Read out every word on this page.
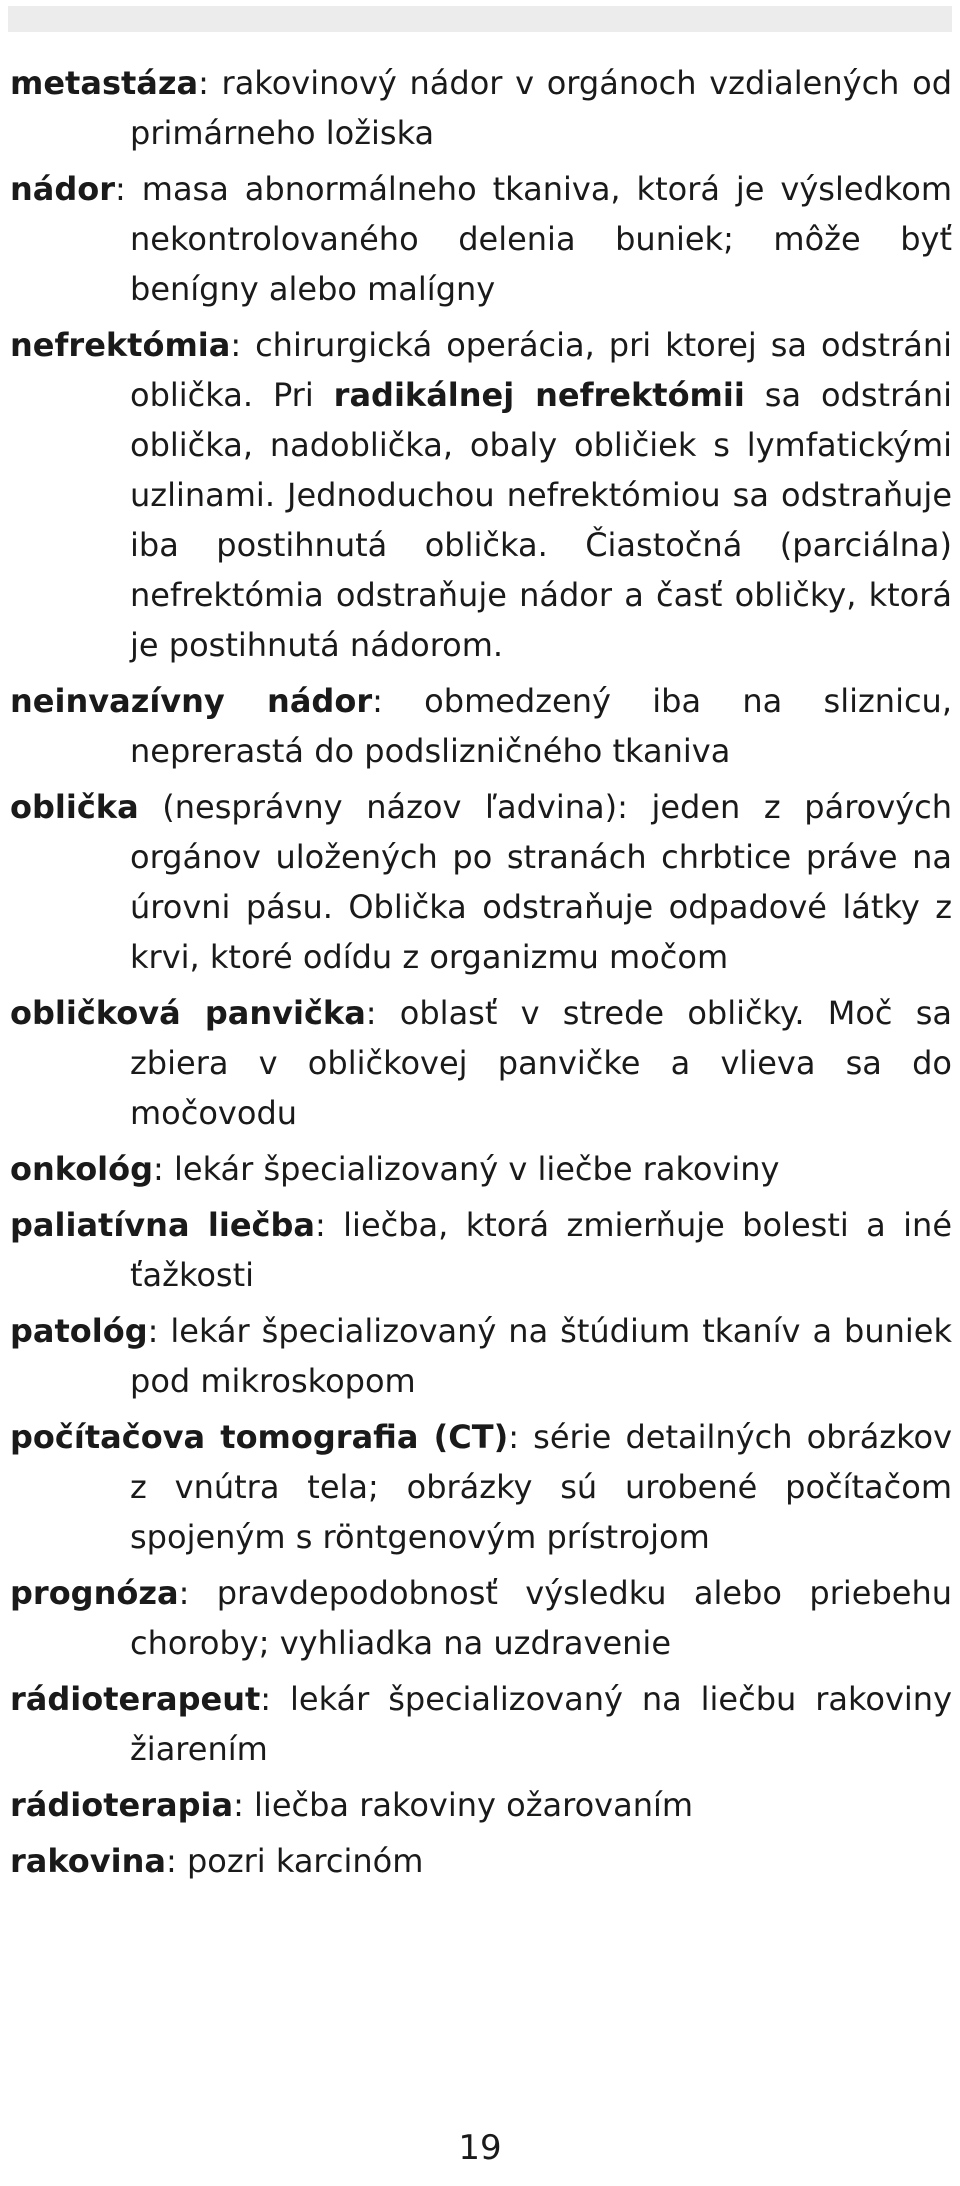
metastáza: rakovinový nádor v orgánoch vzdialených od primárneho ložiska

nádor: masa abnormálneho tkaniva, ktorá je výsledkom nekontrolovaného delenia buniek; môže byť benígny alebo malígny

nefrektómia: chirurgická operácia, pri ktorej sa odstráni oblička. Pri radikálnej nefrektómii sa odstráni oblička, nadoblička, obaly obličiek s lymfatickými uzlinami. Jednoduchou nefrektómiou sa odstraňuje iba postihnutá oblička. Čiastočná (parciálna) nefrektómia odstraňuje nádor a časť obličky, ktorá je postihnutá nádorom.

neinvazívny nádor: obmedzený iba na sliznicu, neprerastá do podslizničného tkaniva

oblička (nesprávny názov ľadvina): jeden z párových orgánov uložených po stranách chrbtice práve na úrovni pásu. Oblička odstraňuje odpadové látky z krvi, ktoré odídu z organizmu močom

obličková panvička: oblasť v strede obličky. Moč sa zbiera v obličkovej panvičke a vlieva sa do močovodu

onkológ: lekár špecializovaný v liečbe rakoviny

paliatívna liečba: liečba, ktorá zmierňuje bolesti a iné ťažkosti

patológ: lekár špecializovaný na štúdium tkanív a buniek pod mikroskopom

počítačova tomografia (CT): série detailných obrázkov z vnútra tela; obrázky sú urobené počítačom spojeným s röntgenovým prístrojom

prognóza: pravdepodobnosť výsledku alebo priebehu choroby; vyhliadka na uzdravenie

rádioterapeut: lekár špecializovaný na liečbu rakoviny žiarením

rádioterapia: liečba rakoviny ožarovaním

rakovina: pozri karcinóm

19
